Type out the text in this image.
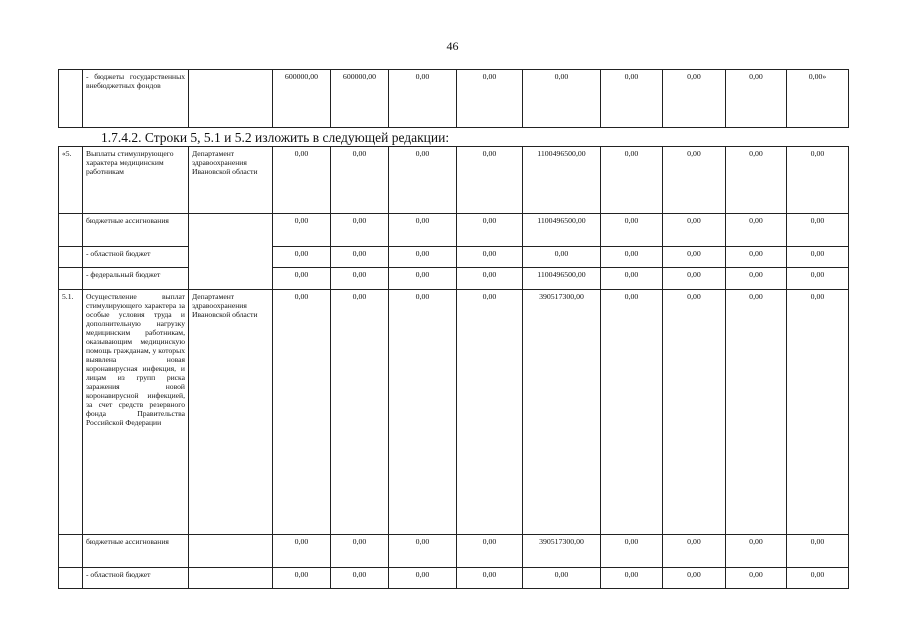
46
	- бюджеты государственных внебюджетных фондов		600000,00	600000,00	0,00	0,00	0,00	0,00	0,00	0,00	0,00»
1.7.4.2. Строки 5, 5.1 и 5.2 изложить в следующей редакции:
«5.	Выплаты стимулирующего характера медицинским работникам	Департамент здравоохранения Ивановской области	0,00	0,00	0,00	0,00	1100496500,00	0,00	0,00	0,00	0,00
	бюджетные ассигнования		0,00	0,00	0,00	0,00	1100496500,00	0,00	0,00	0,00	0,00
	- областной бюджет		0,00	0,00	0,00	0,00	0,00	0,00	0,00	0,00	0,00
	- федеральный бюджет		0,00	0,00	0,00	0,00	1100496500,00	0,00	0,00	0,00	0,00
5.1.	Осуществление выплат стимулирующего характера за особые условия труда и дополнительную нагрузку медицинским работникам, оказывающим медицинскую помощь гражданам, у которых выявлена новая коронавирусная инфекция, и лицам из групп риска заражения новой коронавирусной инфекцией, за счет средств резервного фонда Правительства Российской Федерации	Департамент здравоохранения Ивановской области	0,00	0,00	0,00	0,00	390517300,00	0,00	0,00	0,00	0,00
	бюджетные ассигнования		0,00	0,00	0,00	0,00	390517300,00	0,00	0,00	0,00	0,00
	- областной бюджет		0,00	0,00	0,00	0,00	0,00	0,00	0,00	0,00	0,00
